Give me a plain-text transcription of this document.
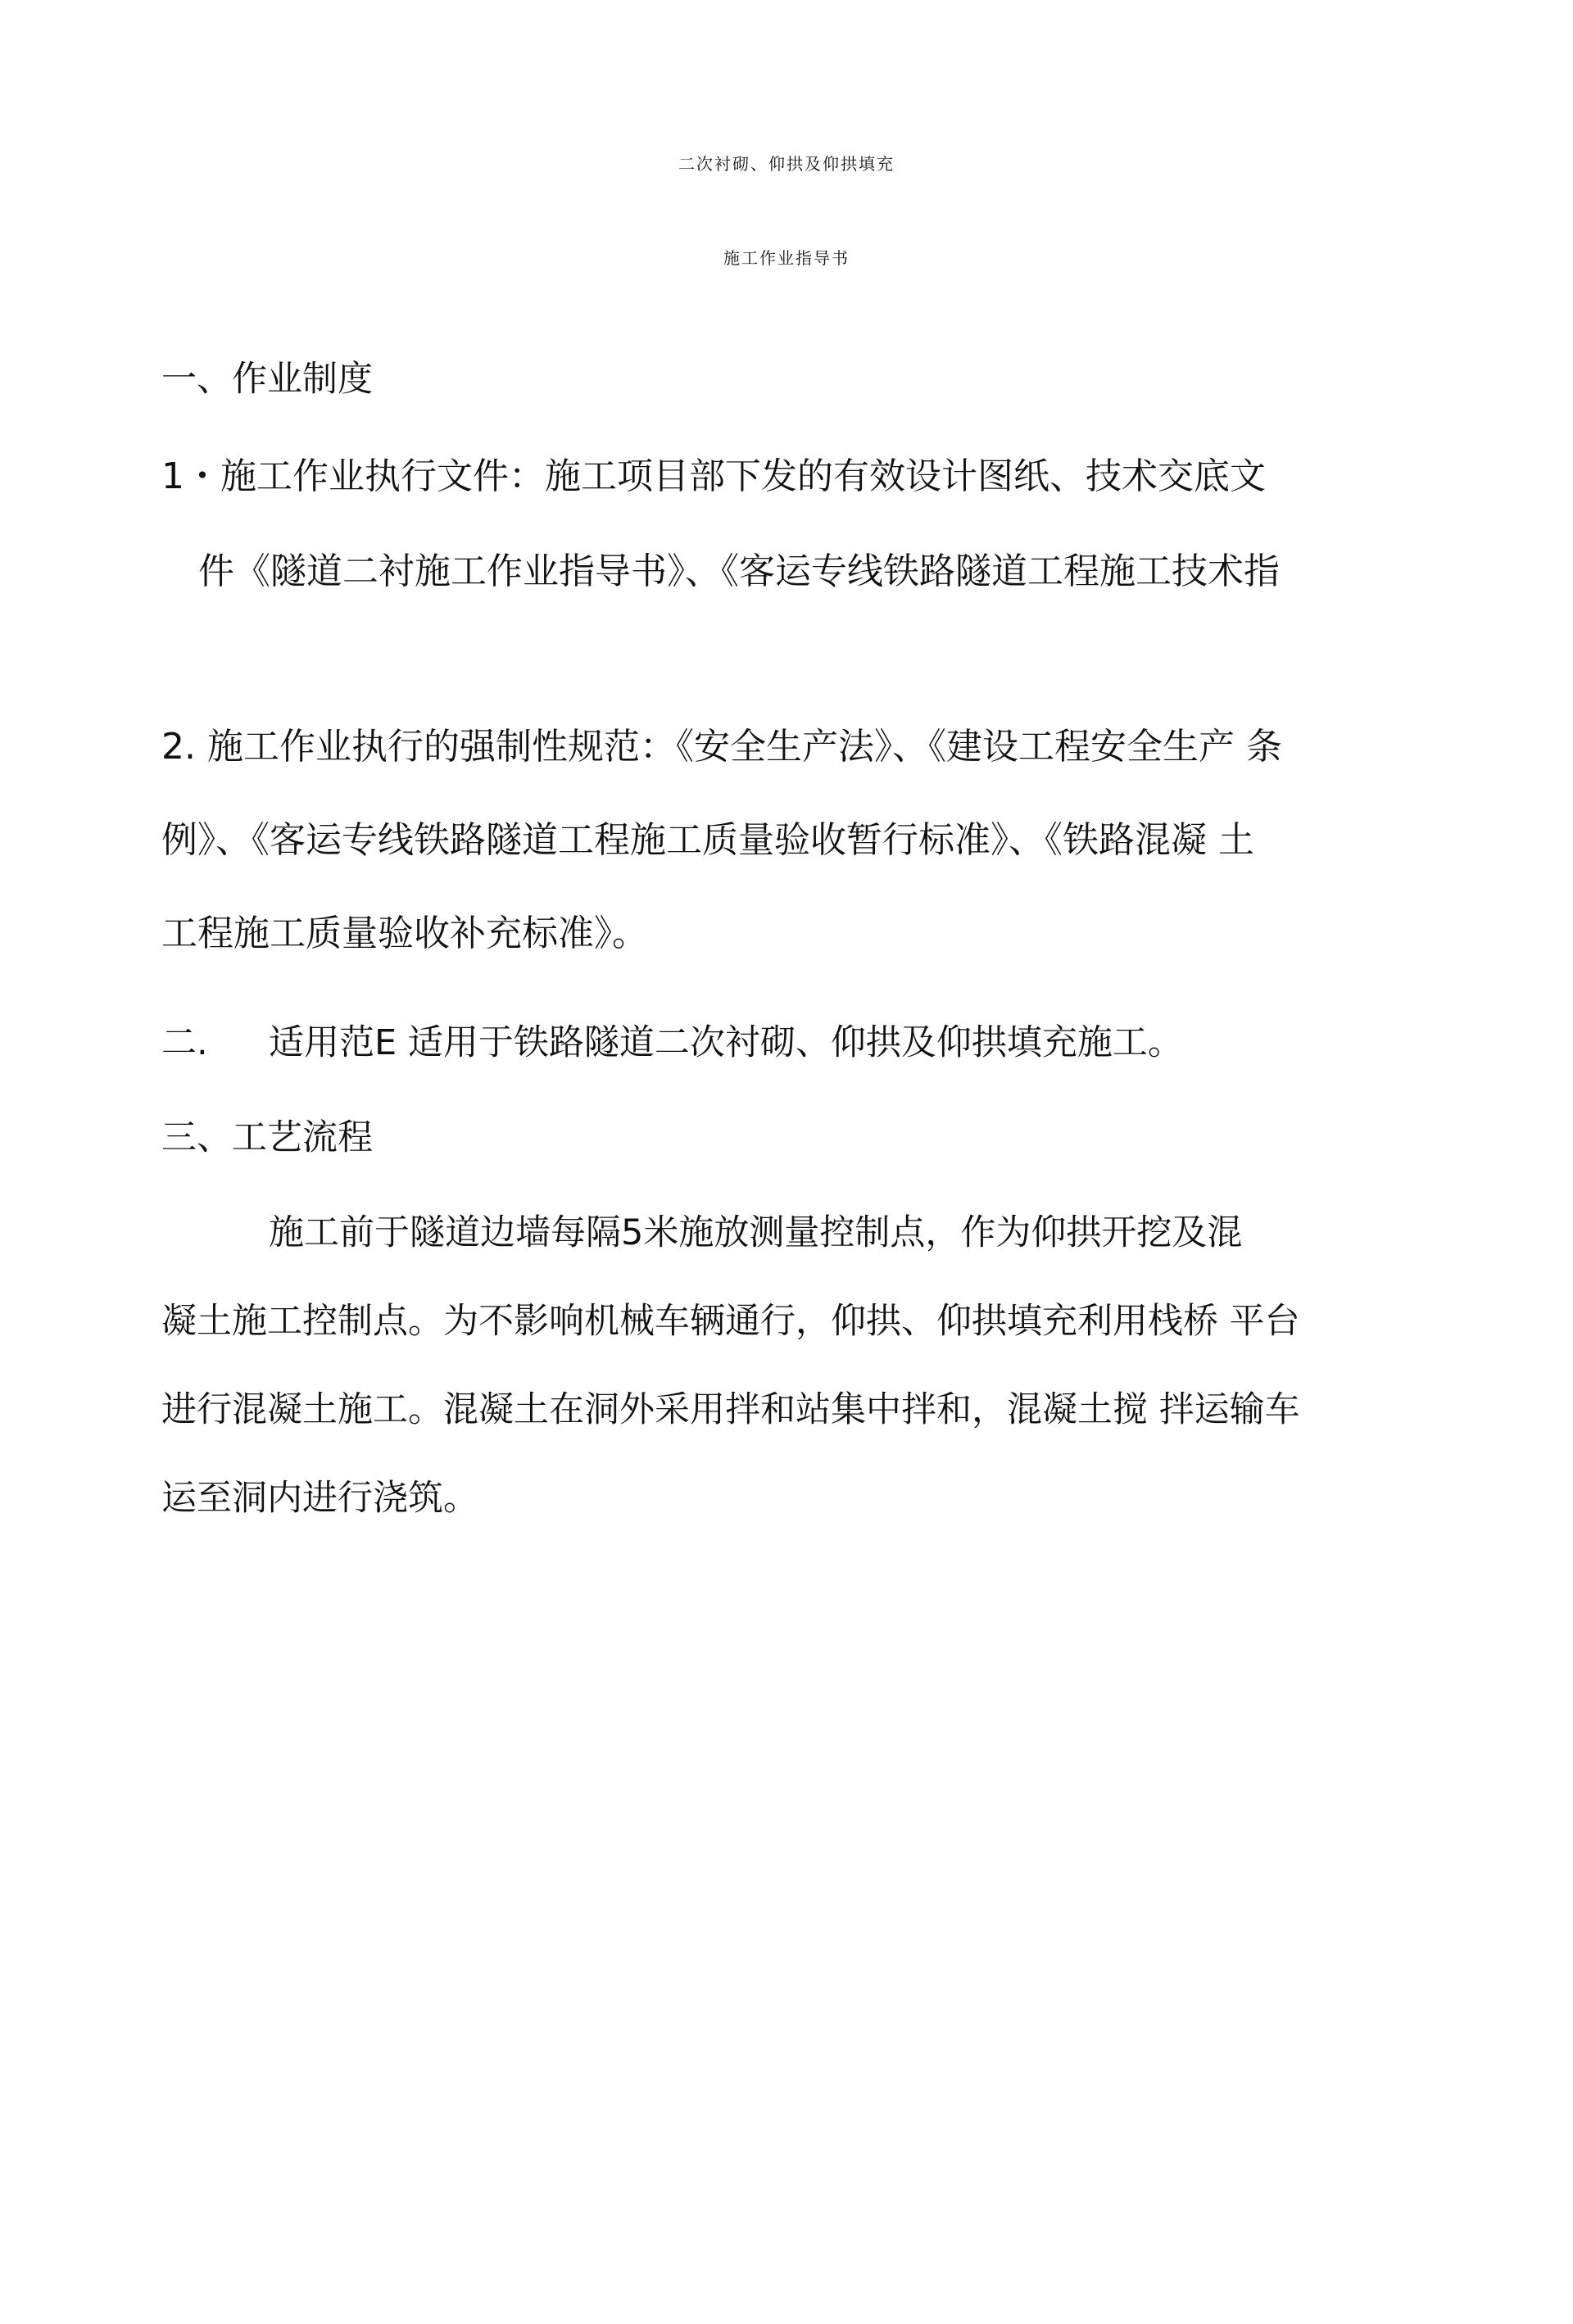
二次衬砌、仰拱及仰拱填充
施工作业指导书
一、作业制度
1・施工作业执行文件：施工项目部下发的有效设计图纸、技术交底文
件《隧道二衬施工作业指导书》、《客运专线铁路隧道工程施工技术指
2. 施工作业执行的强制性规范：《安全生产法》、《建设工程安全生产 条
例》、《客运专线铁路隧道工程施工质量验收暂行标准》、《铁路混凝 土
工程施工质量验收补充标准》。
二. 适用范E 适用于铁路隧道二次衬砌、仰拱及仰拱填充施工。
三、工艺流程
施工前于隧道边墙每隔5米施放测量控制点，作为仰拱开挖及混
凝土施工控制点。为不影响机械车辆通行，仰拱、仰拱填充利用栈桥 平台
进行混凝土施工。混凝土在洞外采用拌和站集中拌和，混凝土搅 拌运输车
运至洞内进行浇筑。
